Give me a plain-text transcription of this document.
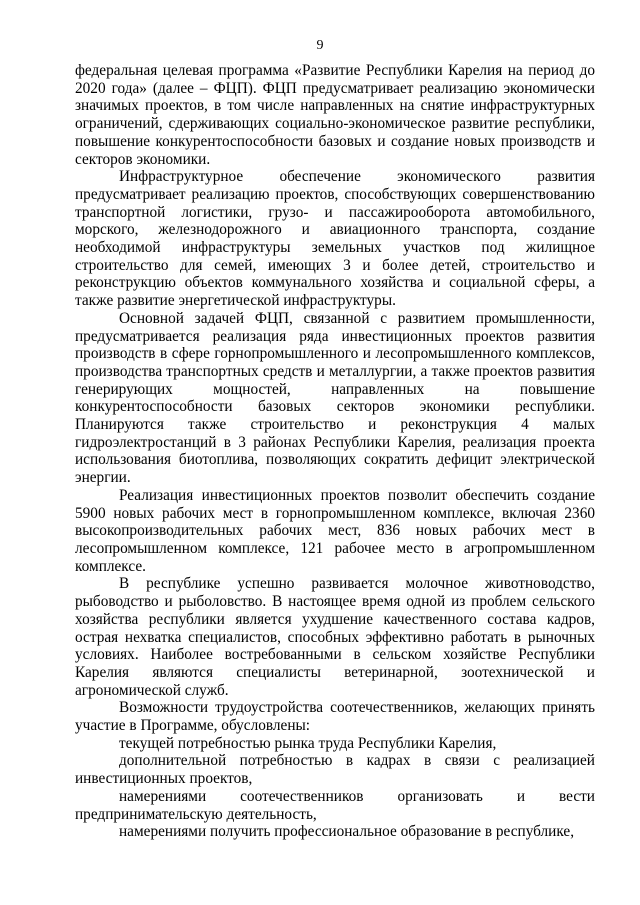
9

федеральная целевая программа «Развитие Республики Карелия на период до 2020 года» (далее – ФЦП). ФЦП предусматривает реализацию экономически значимых проектов, в том числе направленных на снятие инфраструктурных ограничений, сдерживающих социально-экономическое развитие республики, повышение конкурентоспособности базовых и создание новых производств и секторов экономики.

Инфраструктурное обеспечение экономического развития предусматривает реализацию проектов, способствующих совершенствованию транспортной логистики, грузо- и пассажирооборота автомобильного, морского, железнодорожного и авиационного транспорта, создание необходимой инфраструктуры земельных участков под жилищное строительство для семей, имеющих 3 и более детей, строительство и реконструкцию объектов коммунального хозяйства и социальной сферы, а также развитие энергетической инфраструктуры.

Основной задачей ФЦП, связанной с развитием промышленности, предусматривается реализация ряда инвестиционных проектов развития производств в сфере горнопромышленного и лесопромышленного комплексов, производства транспортных средств и металлургии, а также проектов развития генерирующих мощностей, направленных на повышение конкурентоспособности базовых секторов экономики республики. Планируются также строительство и реконструкция 4 малых гидроэлектростанций в 3 районах Республики Карелия, реализация проекта использования биотоплива, позволяющих сократить дефицит электрической энергии.

Реализация инвестиционных проектов позволит обеспечить создание 5900 новых рабочих мест в горнопромышленном комплексе, включая 2360 высокопроизводительных рабочих мест, 836 новых рабочих мест в лесопромышленном комплексе, 121 рабочее место в агропромышленном комплексе.

В республике успешно развивается молочное животноводство, рыбоводство и рыболовство. В настоящее время одной из проблем сельского хозяйства республики является ухудшение качественного состава кадров, острая нехватка специалистов, способных эффективно работать в рыночных условиях. Наиболее востребованными в сельском хозяйстве Республики Карелия являются специалисты ветеринарной, зоотехнической и агрономической служб.

Возможности трудоустройства соотечественников, желающих принять участие в Программе, обусловлены:

текущей потребностью рынка труда Республики Карелия,

дополнительной потребностью в кадрах в связи с реализацией инвестиционных проектов,

намерениями соотечественников организовать и вести предпринимательскую деятельность,

намерениями получить профессиональное образование в республике,
